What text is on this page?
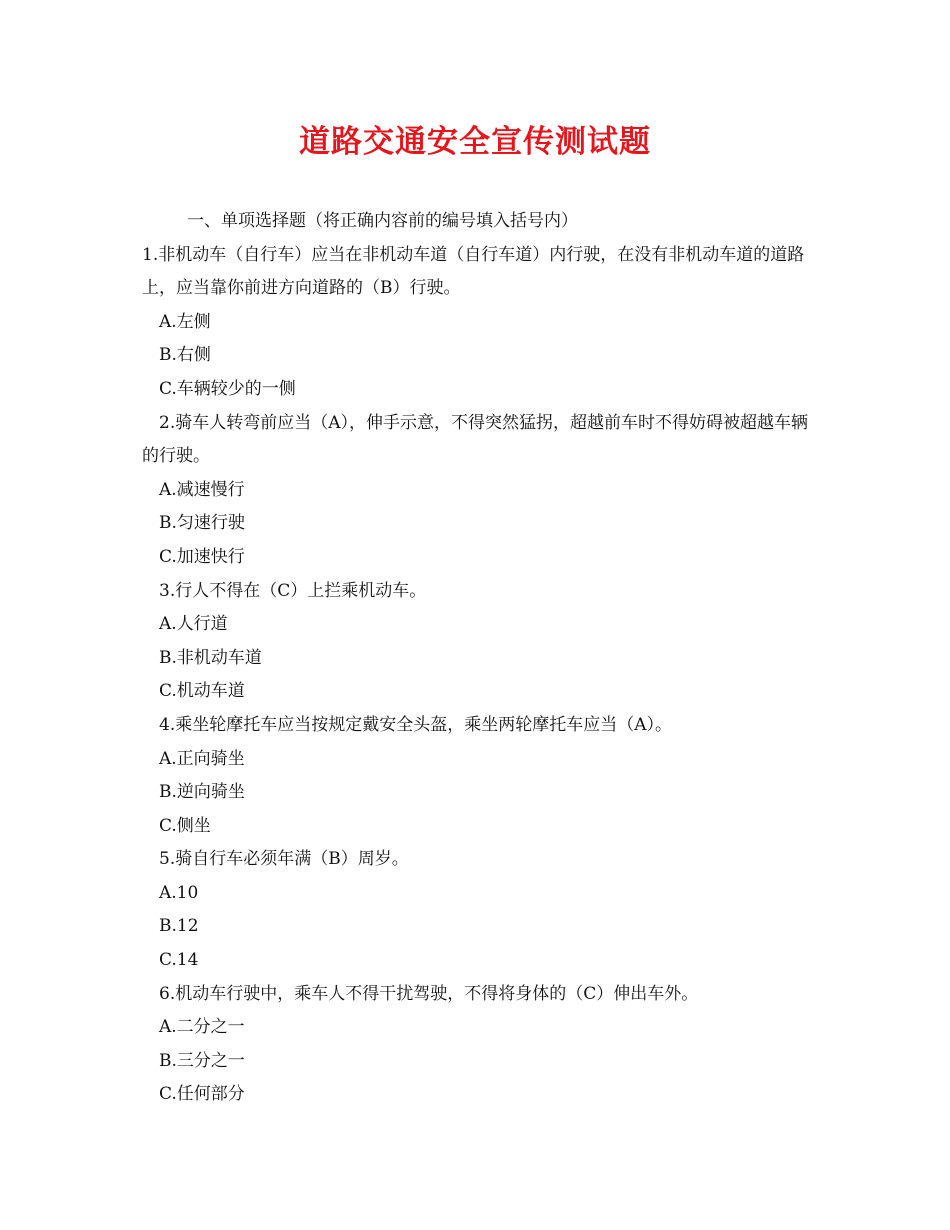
道路交通安全宣传测试题
一、单项选择题（将正确内容前的编号填入括号内）
1.非机动车（自行车）应当在非机动车道（自行车道）内行驶，在没有非机动车道的道路上，应当靠你前进方向道路的（B）行驶。
A.左侧
B.右侧
C.车辆较少的一侧
2.骑车人转弯前应当（A），伸手示意，不得突然猛拐，超越前车时不得妨碍被超越车辆的行驶。
A.减速慢行
B.匀速行驶
C.加速快行
3.行人不得在（C）上拦乘机动车。
A.人行道
B.非机动车道
C.机动车道
4.乘坐轮摩托车应当按规定戴安全头盔，乘坐两轮摩托车应当（A）。
A.正向骑坐
B.逆向骑坐
C.侧坐
5.骑自行车必须年满（B）周岁。
A.10
B.12
C.14
6.机动车行驶中，乘车人不得干扰驾驶，不得将身体的（C）伸出车外。
A.二分之一
B.三分之一
C.任何部分
